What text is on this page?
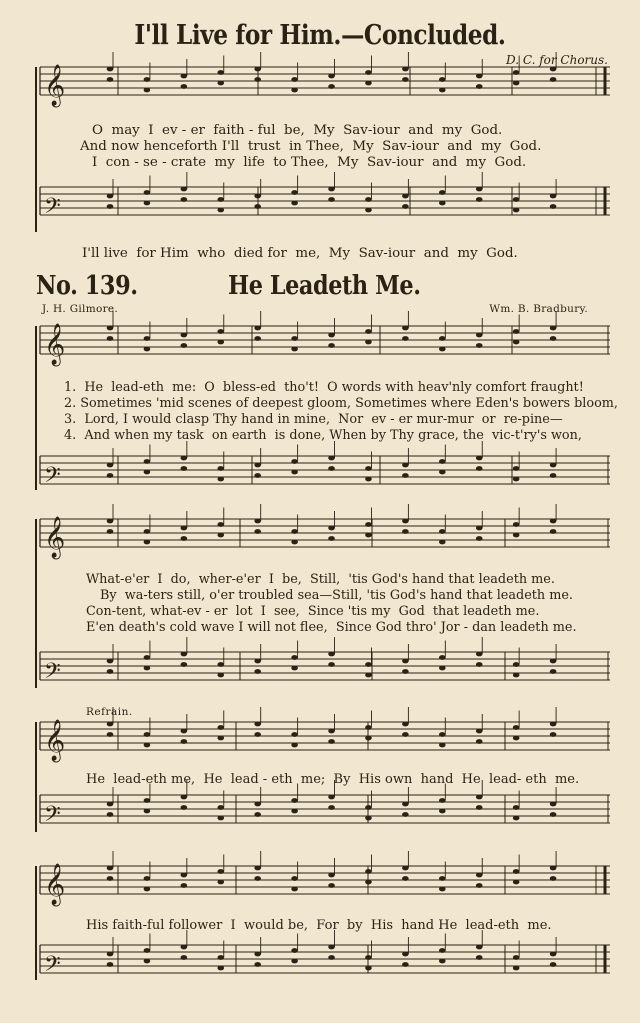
I'll Live for Him.—Concluded.
D. C. for Chorus.
𝄞
𝄢
𝄞
𝄢
𝄞
𝄢
𝄞
𝄢
𝄞
𝄢

O  may  I  ev - er  faith - ful  be,  My  Sav-iour  and  my  God.

And now henceforth I'll  trust  in Thee,  My  Sav-iour  and  my  God.

I  con - se - crate  my  life  to Thee,  My  Sav-iour  and  my  God.

I'll live  for Him  who  died for  me,  My  Sav-iour  and  my  God.

No. 139.	He Leadeth Me.
J. H. Gilmore.	Wm. B. Bradbury.

1.  He  lead-eth  me:  O  bless-ed  tho't!  O words with heav'nly comfort fraught!

2. Sometimes 'mid scenes of deepest gloom, Sometimes where Eden's bowers bloom,

3.  Lord, I would clasp Thy hand in mine,  Nor  ev - er mur-mur  or  re-pine—

4.  And when my task  on earth  is done, When by Thy grace, the  vic-t'ry's won,

What-e'er  I  do,  wher-e'er  I  be,  Still,  'tis God's hand that leadeth me.

By  wa-ters still, o'er troubled sea—Still, 'tis God's hand that leadeth me.

Con-tent, what-ev - er  lot  I  see,  Since 'tis my  God  that leadeth me.

E'en death's cold wave I will not flee,  Since God thro' Jor - dan leadeth me.

Refrain.

He  lead-eth me,  He  lead - eth  me;  By  His own  hand  He  lead- eth  me.

His faith-ful follower  I  would be,  For  by  His  hand He  lead-eth  me.
